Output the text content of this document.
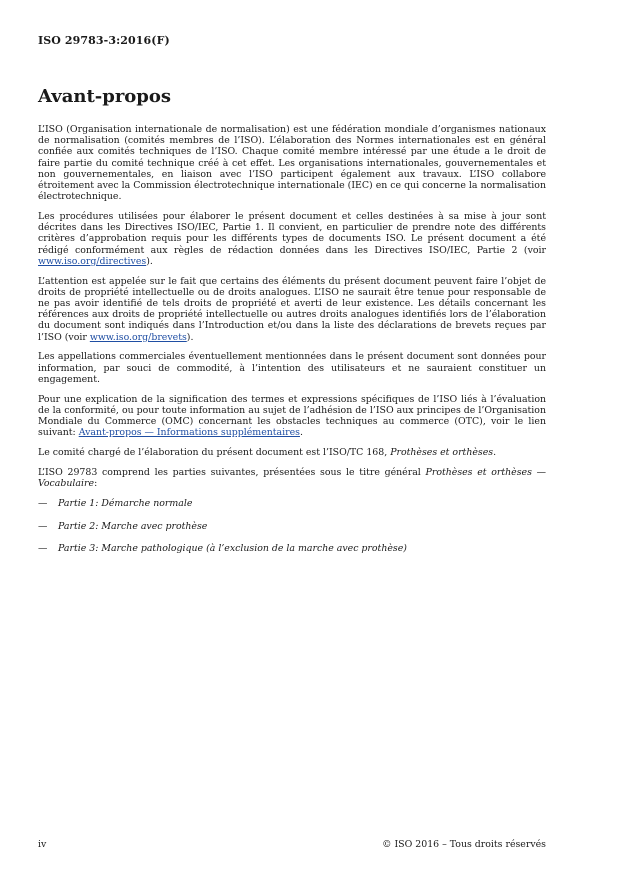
ISO 29783-3:2016(F)
Avant-propos

L’ISO (Organisation internationale de normalisation) est une fédération mondiale d’organismes nationaux de normalisation (comités membres de l’ISO). L’élaboration des Normes internationales est en général confiée aux comités techniques de l’ISO. Chaque comité membre intéressé par une étude a le droit de faire partie du comité technique créé à cet effet. Les organisations internationales, gouvernementales et non gouvernementales, en liaison avec l’ISO participent également aux travaux. L’ISO collabore étroitement avec la Commission électrotechnique internationale (IEC) en ce qui concerne la normalisation électrotechnique.

Les procédures utilisées pour élaborer le présent document et celles destinées à sa mise à jour sont décrites dans les Directives ISO/IEC, Partie 1. Il convient, en particulier de prendre note des différents critères d’approbation requis pour les différents types de documents ISO. Le présent document a été rédigé conformément aux règles de rédaction données dans les Directives ISO/IEC, Partie 2 (voir www.iso.org/directives).

L’attention est appelée sur le fait que certains des éléments du présent document peuvent faire l’objet de droits de propriété intellectuelle ou de droits analogues. L’ISO ne saurait être tenue pour responsable de ne pas avoir identifié de tels droits de propriété et averti de leur existence. Les détails concernant les références aux droits de propriété intellectuelle ou autres droits analogues identifiés lors de l’élaboration du document sont indiqués dans l’Introduction et/ou dans la liste des déclarations de brevets reçues par l’ISO (voir www.iso.org/brevets).

Les appellations commerciales éventuellement mentionnées dans le présent document sont données pour information, par souci de commodité, à l’intention des utilisateurs et ne sauraient constituer un engagement.

Pour une explication de la signification des termes et expressions spécifiques de l’ISO liés à l’évaluation de la conformité, ou pour toute information au sujet de l’adhésion de l’ISO aux principes de l’Organisation Mondiale du Commerce (OMC) concernant les obstacles techniques au commerce (OTC), voir le lien suivant: Avant-propos — Informations supplémentaires.

Le comité chargé de l’élaboration du présent document est l’ISO/TC 168, Prothèses et orthèses.

L’ISO 29783 comprend les parties suivantes, présentées sous le titre général Prothèses et orthèses — Vocabulaire:

— Partie 1: Démarche normale
— Partie 2: Marche avec prothèse
— Partie 3: Marche pathologique (à l’exclusion de la marche avec prothèse)
iv	© ISO 2016 – Tous droits réservés
